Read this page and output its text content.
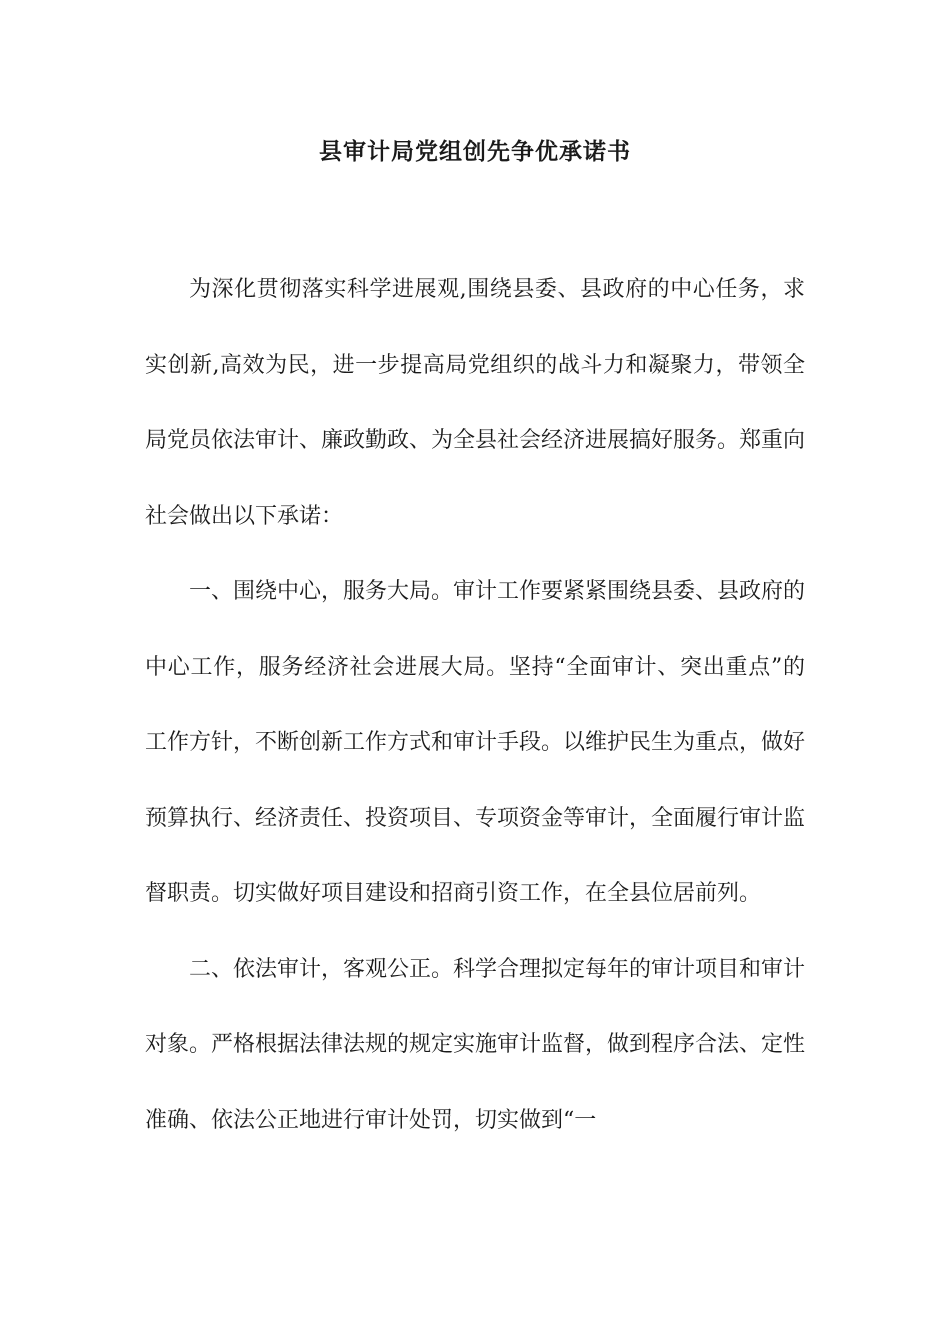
县审计局党组创先争优承诺书

为深化贯彻落实科学进展观,围绕县委、县政府的中心任务，求实创新,高效为民，进一步提高局党组织的战斗力和凝聚力，带领全局党员依法审计、廉政勤政、为全县社会经济进展搞好服务。郑重向社会做出以下承诺：

一、围绕中心，服务大局。审计工作要紧紧围绕县委、县政府的中心工作，服务经济社会进展大局。坚持“全面审计、突出重点”的工作方针，不断创新工作方式和审计手段。以维护民生为重点，做好预算执行、经济责任、投资项目、专项资金等审计，全面履行审计监督职责。切实做好项目建设和招商引资工作，在全县位居前列。

二、依法审计，客观公正。科学合理拟定每年的审计项目和审计对象。严格根据法律法规的规定实施审计监督，做到程序合法、定性准确、依法公正地进行审计处罚，切实做到“一
